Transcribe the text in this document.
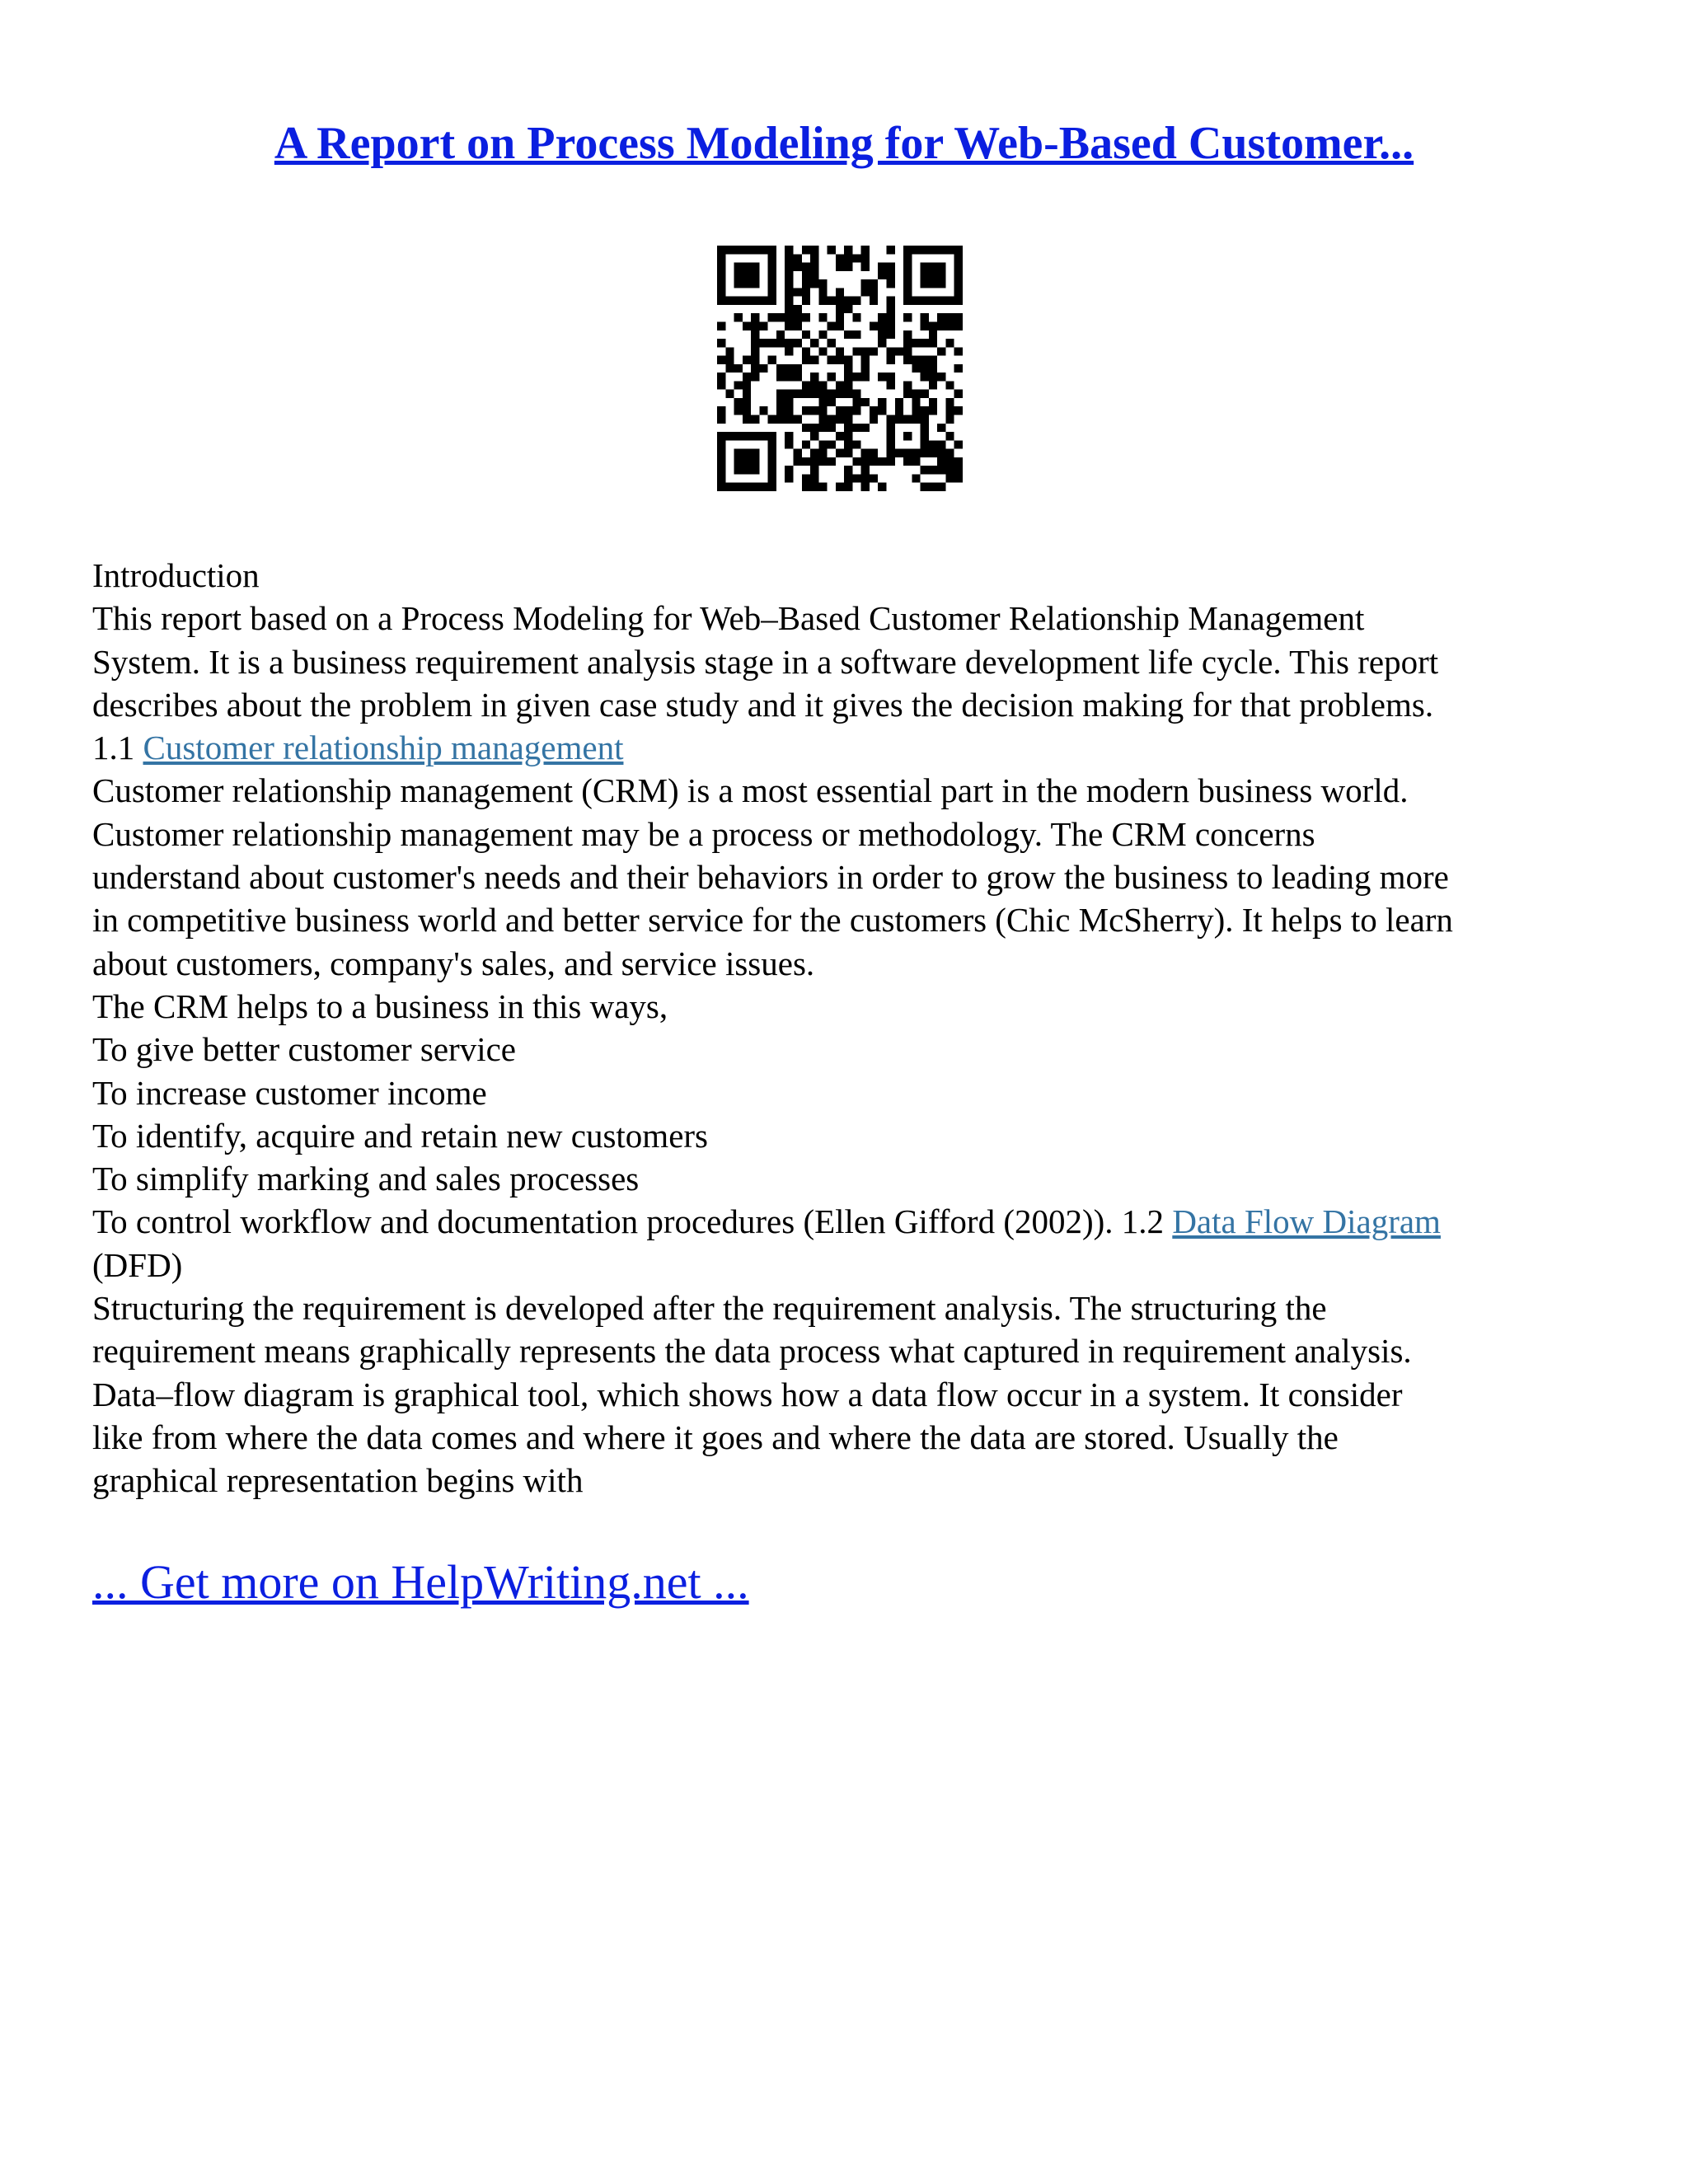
A Report on Process Modeling for Web-Based Customer...
Introduction
This report based on a Process Modeling for Web–Based Customer Relationship Management
System. It is a business requirement analysis stage in a software development life cycle. This report
describes about the problem in given case study and it gives the decision making for that problems.
1.1 Customer relationship management
Customer relationship management (CRM) is a most essential part in the modern business world.
Customer relationship management may be a process or methodology. The CRM concerns
understand about customer's needs and their behaviors in order to grow the business to leading more
in competitive business world and better service for the customers (Chic McSherry). It helps to learn
about customers, company's sales, and service issues.
The CRM helps to a business in this ways,
To give better customer service
To increase customer income
To identify, acquire and retain new customers
To simplify marking and sales processes
To control workflow and documentation procedures (Ellen Gifford (2002)). 1.2 Data Flow Diagram
(DFD)
Structuring the requirement is developed after the requirement analysis. The structuring the
requirement means graphically represents the data process what captured in requirement analysis.
Data–flow diagram is graphical tool, which shows how a data flow occur in a system. It consider
like from where the data comes and where it goes and where the data are stored. Usually the
graphical representation begins with
... Get more on HelpWriting.net ...
